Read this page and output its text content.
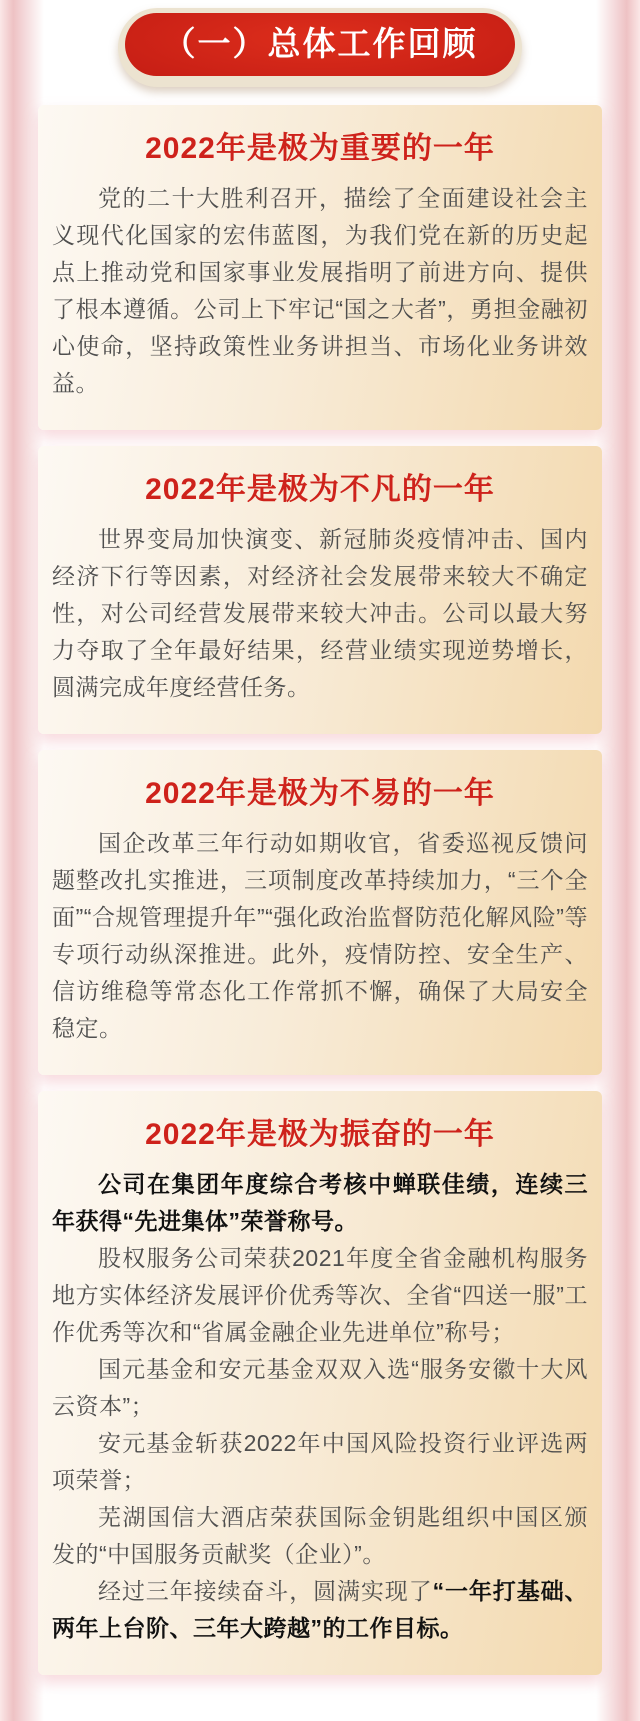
（一）总体工作回顾
2022年是极为重要的一年

党的二十大胜利召开，描绘了全面建设社会主义现代化国家的宏伟蓝图，为我们党在新的历史起点上推动党和国家事业发展指明了前进方向、提供了根本遵循。公司上下牢记“国之大者”，勇担金融初心使命，坚持政策性业务讲担当、市场化业务讲效益。

2022年是极为不凡的一年

世界变局加快演变、新冠肺炎疫情冲击、国内经济下行等因素，对经济社会发展带来较大不确定性，对公司经营发展带来较大冲击。公司以最大努力夺取了全年最好结果，经营业绩实现逆势增长，圆满完成年度经营任务。

2022年是极为不易的一年

国企改革三年行动如期收官，省委巡视反馈问题整改扎实推进，三项制度改革持续加力，“三个全面”“合规管理提升年”“强化政治监督防范化解风险”等专项行动纵深推进。此外，疫情防控、安全生产、信访维稳等常态化工作常抓不懈，确保了大局安全稳定。

2022年是极为振奋的一年

公司在集团年度综合考核中蝉联佳绩，连续三年获得“先进集体”荣誉称号。

股权服务公司荣获2021年度全省金融机构服务地方实体经济发展评价优秀等次、全省“四送一服”工作优秀等次和“省属金融企业先进单位”称号；

国元基金和安元基金双双入选“服务安徽十大风云资本”；

安元基金斩获2022年中国风险投资行业评选两项荣誉；

芜湖国信大酒店荣获国际金钥匙组织中国区颁发的“中国服务贡献奖（企业）”。

经过三年接续奋斗，圆满实现了“一年打基础、两年上台阶、三年大跨越”的工作目标。
